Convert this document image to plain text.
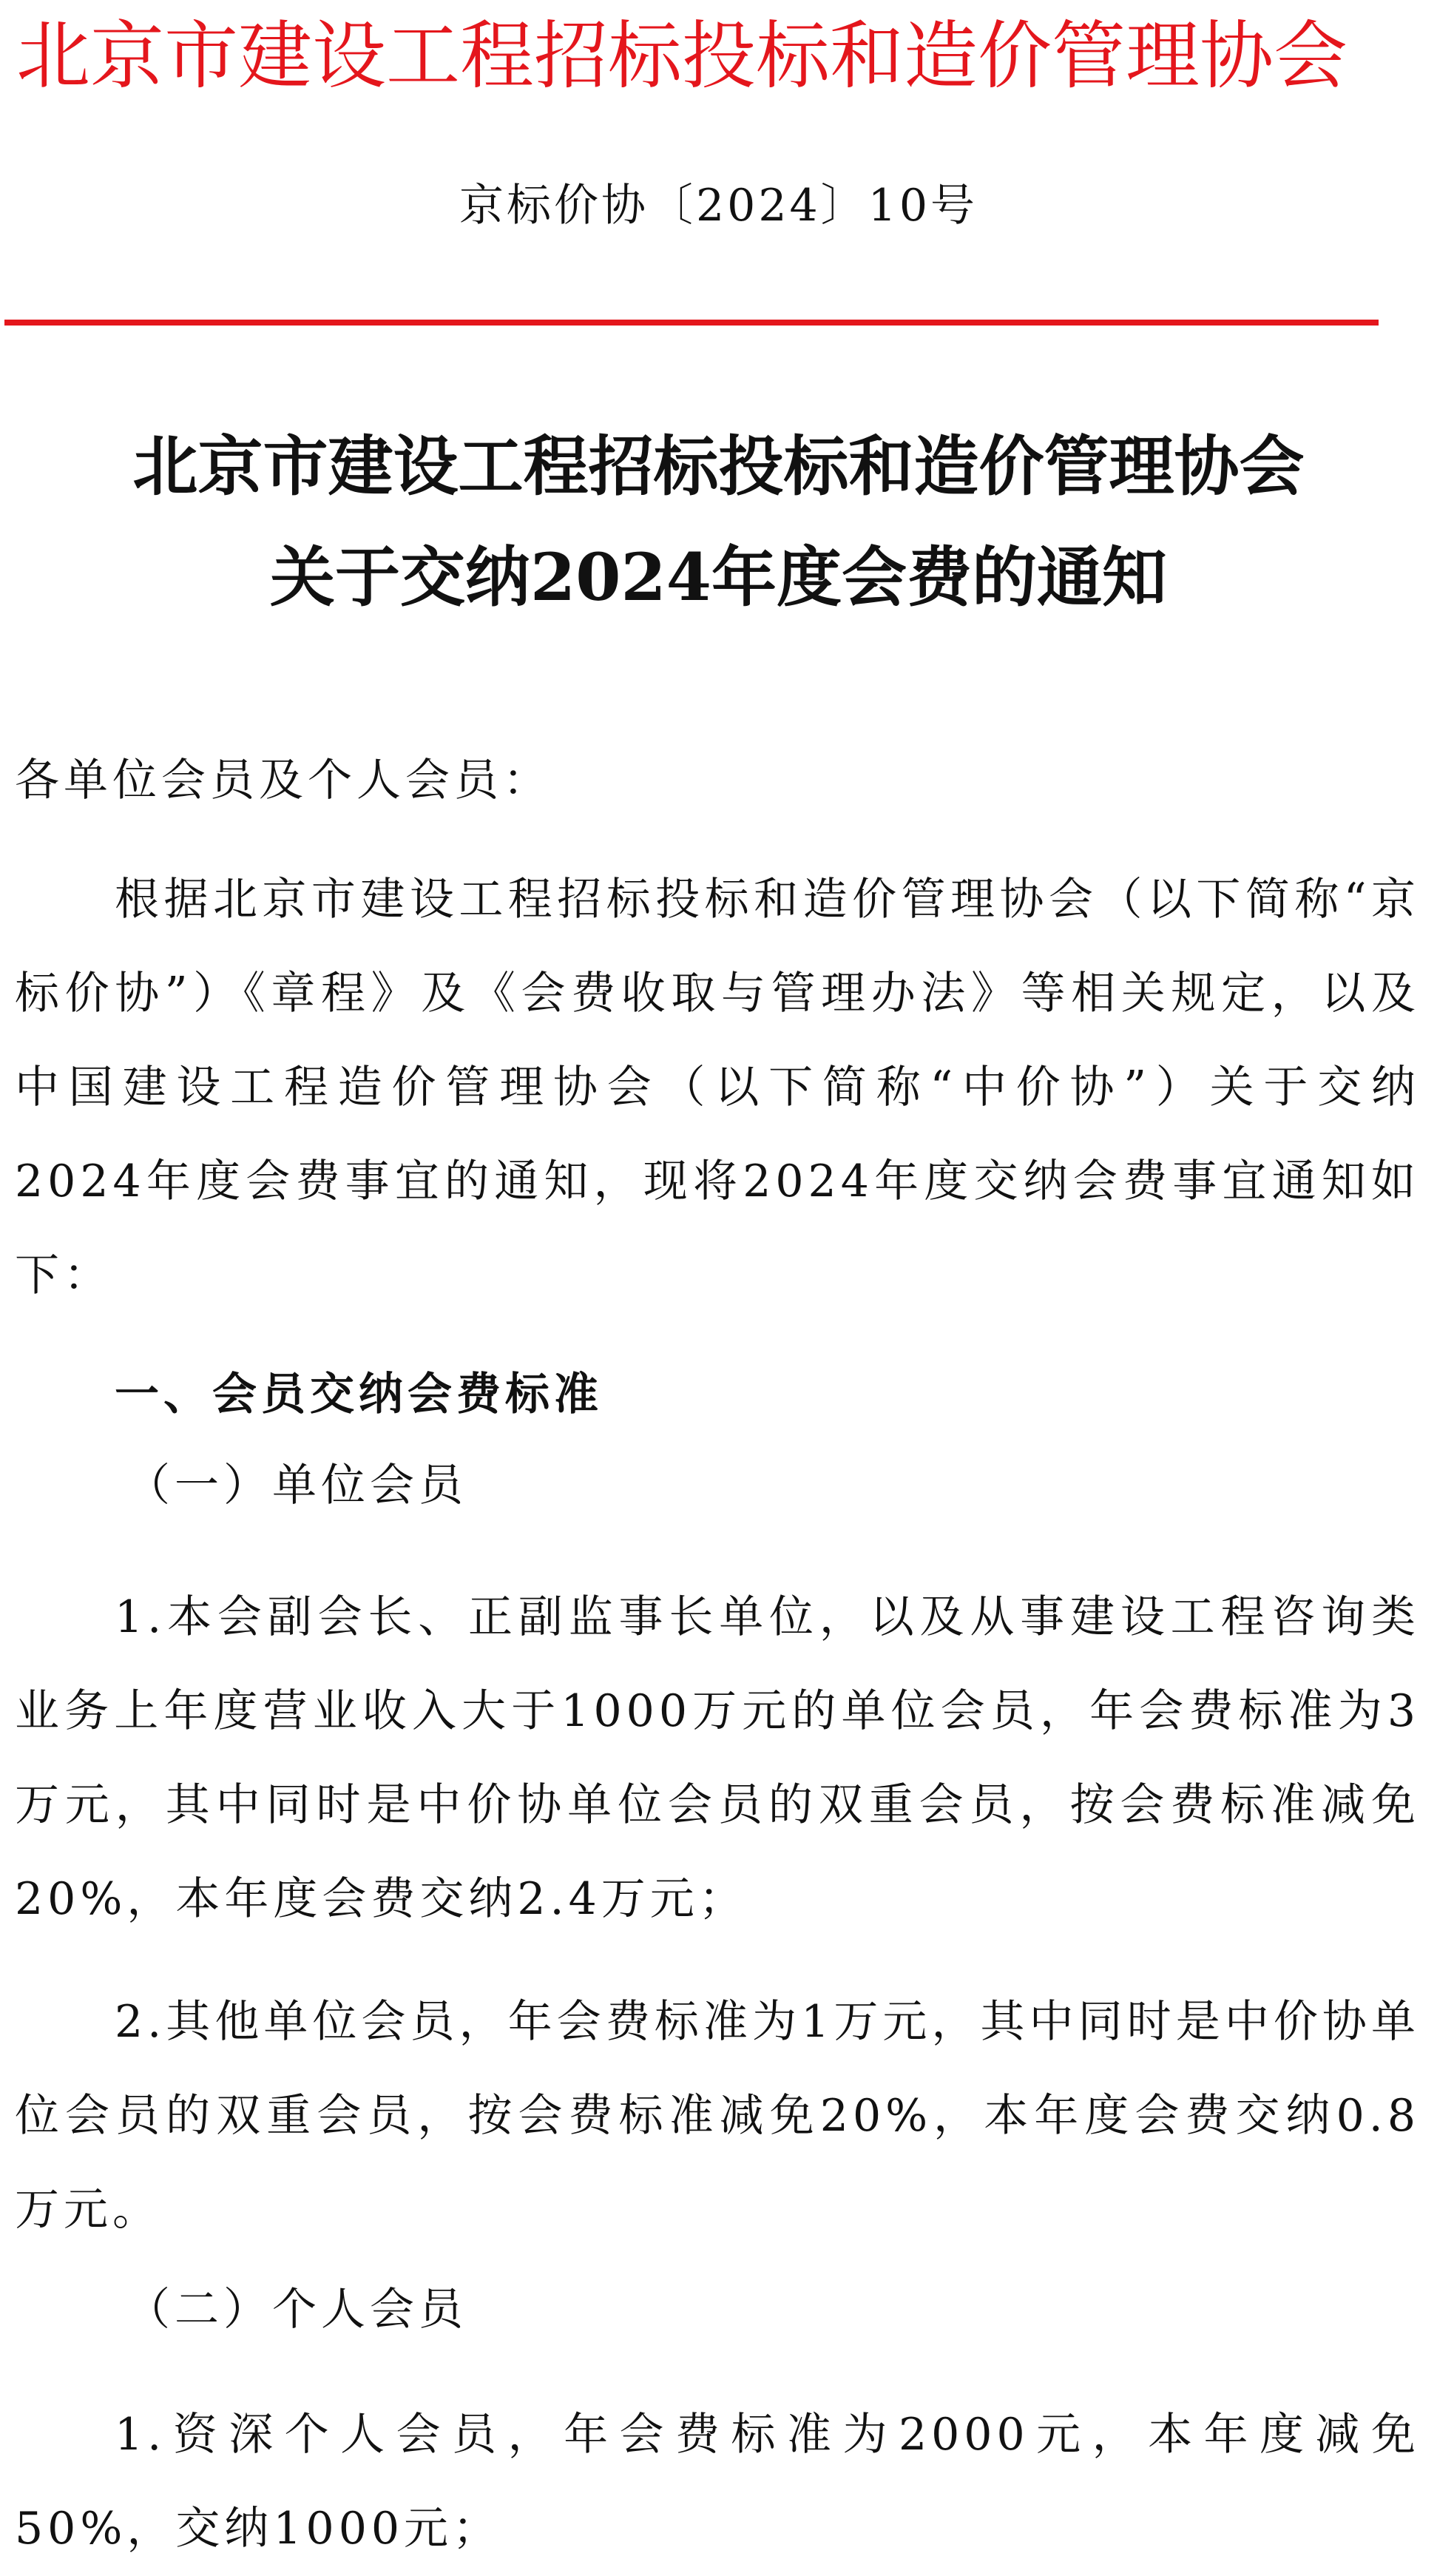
北京市建设工程招标投标和造价管理协会
京标价协〔2024〕10号
北京市建设工程招标投标和造价管理协会
关于交纳2024年度会费的通知
各单位会员及个人会员：
根据北京市建设工程招标投标和造价管理协会（以下简称“京标价协”）《章程》及《会费收取与管理办法》等相关规定，以及中国建设工程造价管理协会（以下简称“中价协”）关于交纳2024年度会费事宜的通知，现将2024年度交纳会费事宜通知如下：
一、会员交纳会费标准
（一）单位会员
1.本会副会长、正副监事长单位，以及从事建设工程咨询类业务上年度营业收入大于1000万元的单位会员，年会费标准为3万元，其中同时是中价协单位会员的双重会员，按会费标准减免20%，本年度会费交纳2.4万元；
2.其他单位会员，年会费标准为1万元，其中同时是中价协单位会员的双重会员，按会费标准减免20%，本年度会费交纳0.8万元。
（二）个人会员
1.资深个人会员，年会费标准为2000元，本年度减免50%，交纳1000元；
